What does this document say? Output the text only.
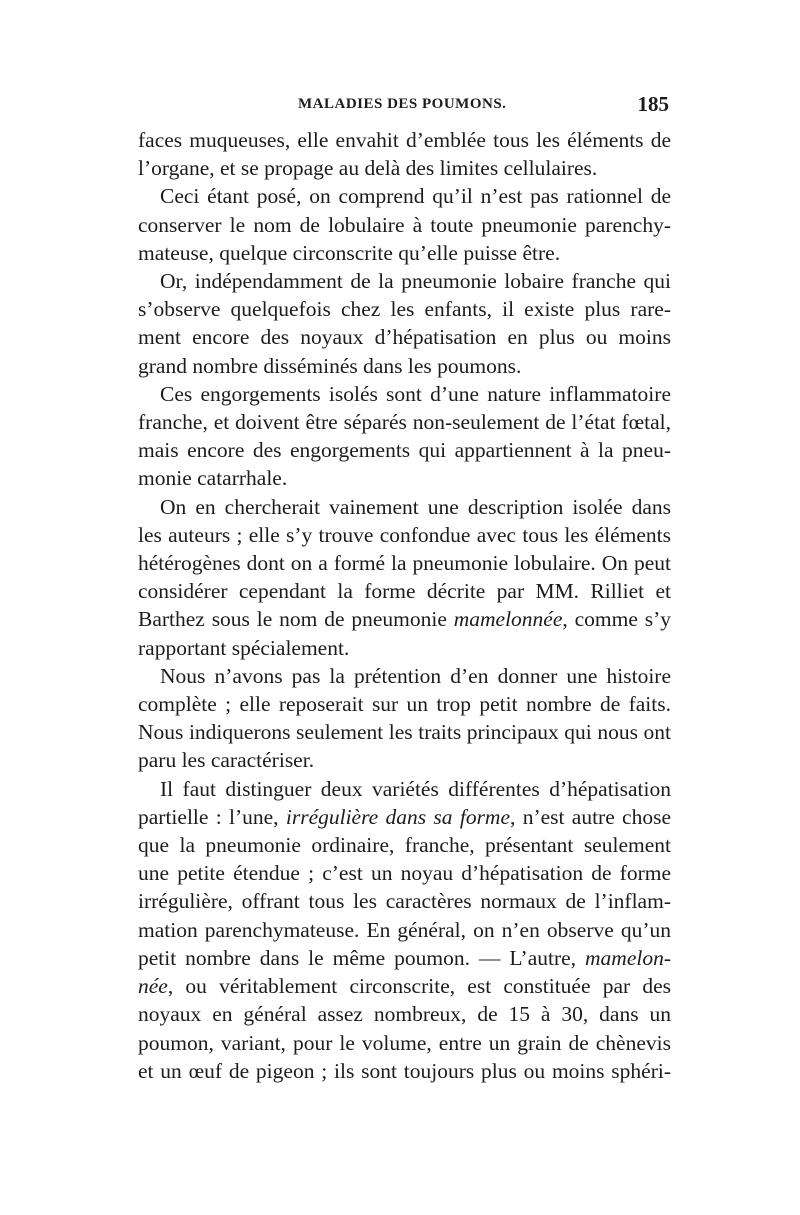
MALADIES DES POUMONS.	185
faces muqueuses, elle envahit d’emblée tous les éléments de
l’organe, et se propage au delà des limites cellulaires.
Ceci étant posé, on comprend qu’il n’est pas rationnel de
conserver le nom de lobulaire à toute pneumonie parenchy-
mateuse, quelque circonscrite qu’elle puisse être.
Or, indépendamment de la pneumonie lobaire franche qui
s’observe quelquefois chez les enfants, il existe plus rare-
ment encore des noyaux d’hépatisation en plus ou moins
grand nombre disséminés dans les poumons.
Ces engorgements isolés sont d’une nature inflammatoire
franche, et doivent être séparés non-seulement de l’état fœtal,
mais encore des engorgements qui appartiennent à la pneu-
monie catarrhale.
On en chercherait vainement une description isolée dans
les auteurs ; elle s’y trouve confondue avec tous les éléments
hétérogènes dont on a formé la pneumonie lobulaire. On peut
considérer cependant la forme décrite par MM. Rilliet et
Barthez sous le nom de pneumonie mamelonnée, comme s’y
rapportant spécialement.
Nous n’avons pas la prétention d’en donner une histoire
complète ; elle reposerait sur un trop petit nombre de faits.
Nous indiquerons seulement les traits principaux qui nous ont
paru les caractériser.
Il faut distinguer deux variétés différentes d’hépatisation
partielle : l’une, irrégulière dans sa forme, n’est autre chose
que la pneumonie ordinaire, franche, présentant seulement
une petite étendue ; c’est un noyau d’hépatisation de forme
irrégulière, offrant tous les caractères normaux de l’inflam-
mation parenchymateuse. En général, on n’en observe qu’un
petit nombre dans le même poumon. — L’autre, mamelon-
née, ou véritablement circonscrite, est constituée par des
noyaux en général assez nombreux, de 15 à 30, dans un
poumon, variant, pour le volume, entre un grain de chènevis
et un œuf de pigeon ; ils sont toujours plus ou moins sphéri-
